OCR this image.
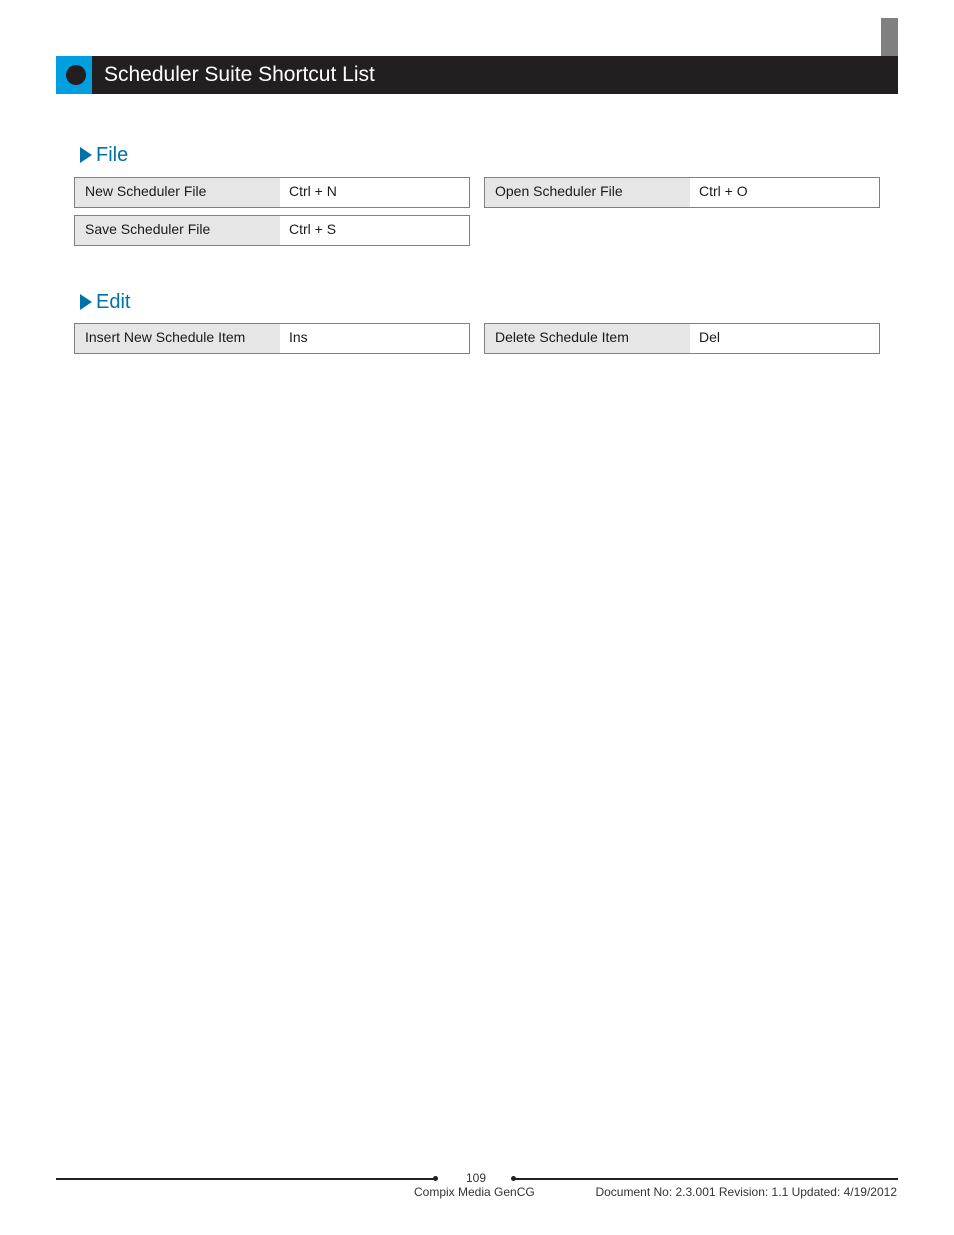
Scheduler Suite Shortcut List
File
New Scheduler File	Ctrl + N	Open Scheduler File	Ctrl + O
Save Scheduler File	Ctrl + S
Edit
Insert New Schedule Item	Ins	Delete Schedule Item	Del
109
Compix Media GenCG	Document No: 2.3.001 Revision: 1.1 Updated: 4/19/2012
